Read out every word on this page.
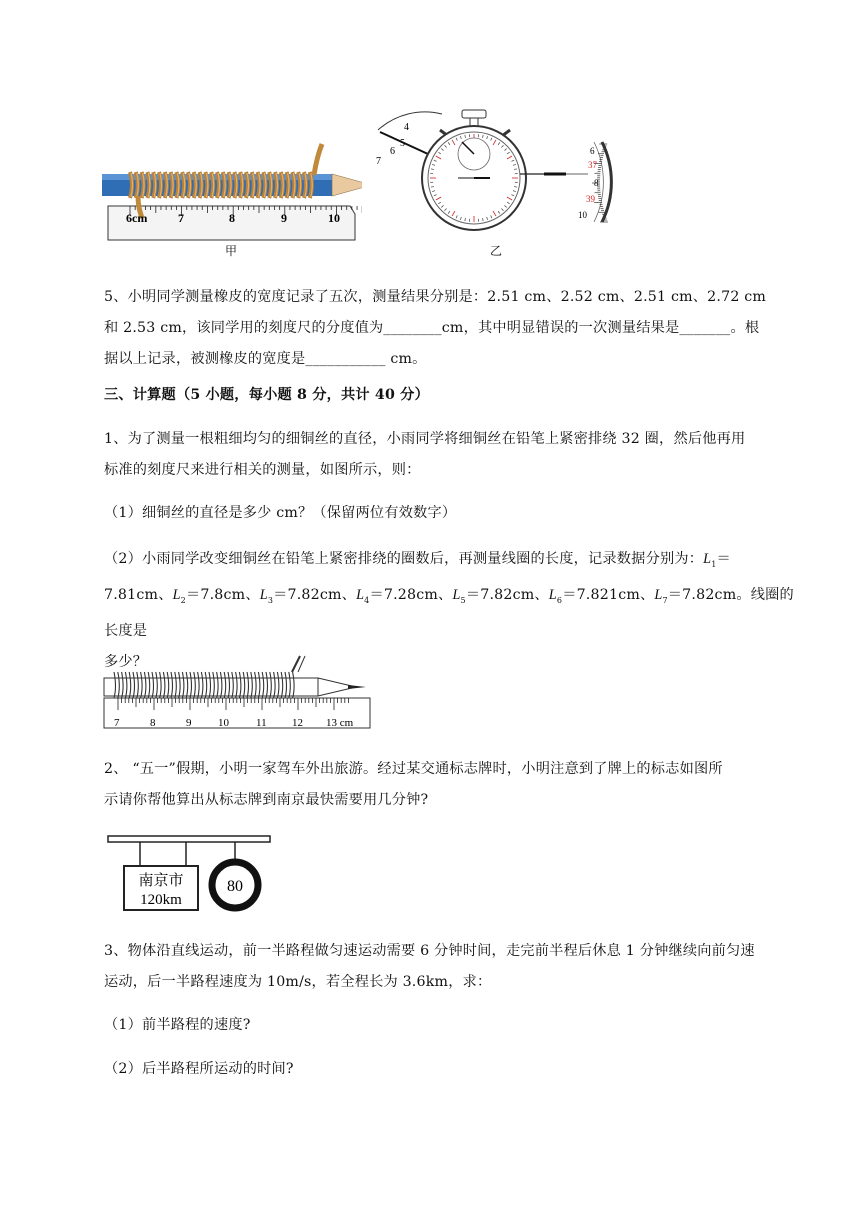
6cm	7	8	9	10
甲
4
5
6
7
6
37
8
39
10
乙
5、小明同学测量橡皮的宽度记录了五次，测量结果分别是：2.51 cm、2.52 cm、2.51 cm、2.72 cm
和 2.53 cm，该同学用的刻度尺的分度值为________cm，其中明显错误的一次测量结果是_______。根
据以上记录，被测橡皮的宽度是___________ cm。
三、计算题（5 小题，每小题 8 分，共计 40 分）
1、为了测量一根粗细均匀的细铜丝的直径，小雨同学将细铜丝在铅笔上紧密排绕 32 圈，然后他再用
标准的刻度尺来进行相关的测量，如图所示，则：
（1）细铜丝的直径是多少 cm？（保留两位有效数字）
（2）小雨同学改变细铜丝在铅笔上紧密排绕的圈数后，再测量线圈的长度，记录数据分别为：$L_1=$
7.81cm、$L_2=7.8cm$、$L_3=7.82cm$、$L_4=7.28cm$、$L_5=7.82cm$、$L_6=7.821cm$、$L_7=7.82cm$。线圈的长度是
多少？
7	8	9 10 11 12 13 cm
2、 “五一”假期，小明一家驾车外出旅游。经过某交通标志牌时，小明注意到了牌上的标志如图所
示请你帮他算出从标志牌到南京最快需要用几分钟?
南京市
120km
80
3、物体沿直线运动，前一半路程做匀速运动需要 6 分钟时间，走完前半程后休息 1 分钟继续向前匀速
运动，后一半路程速度为 10m/s，若全程长为 3.6km，求：
（1）前半路程的速度?
（2）后半路程所运动的时间?
